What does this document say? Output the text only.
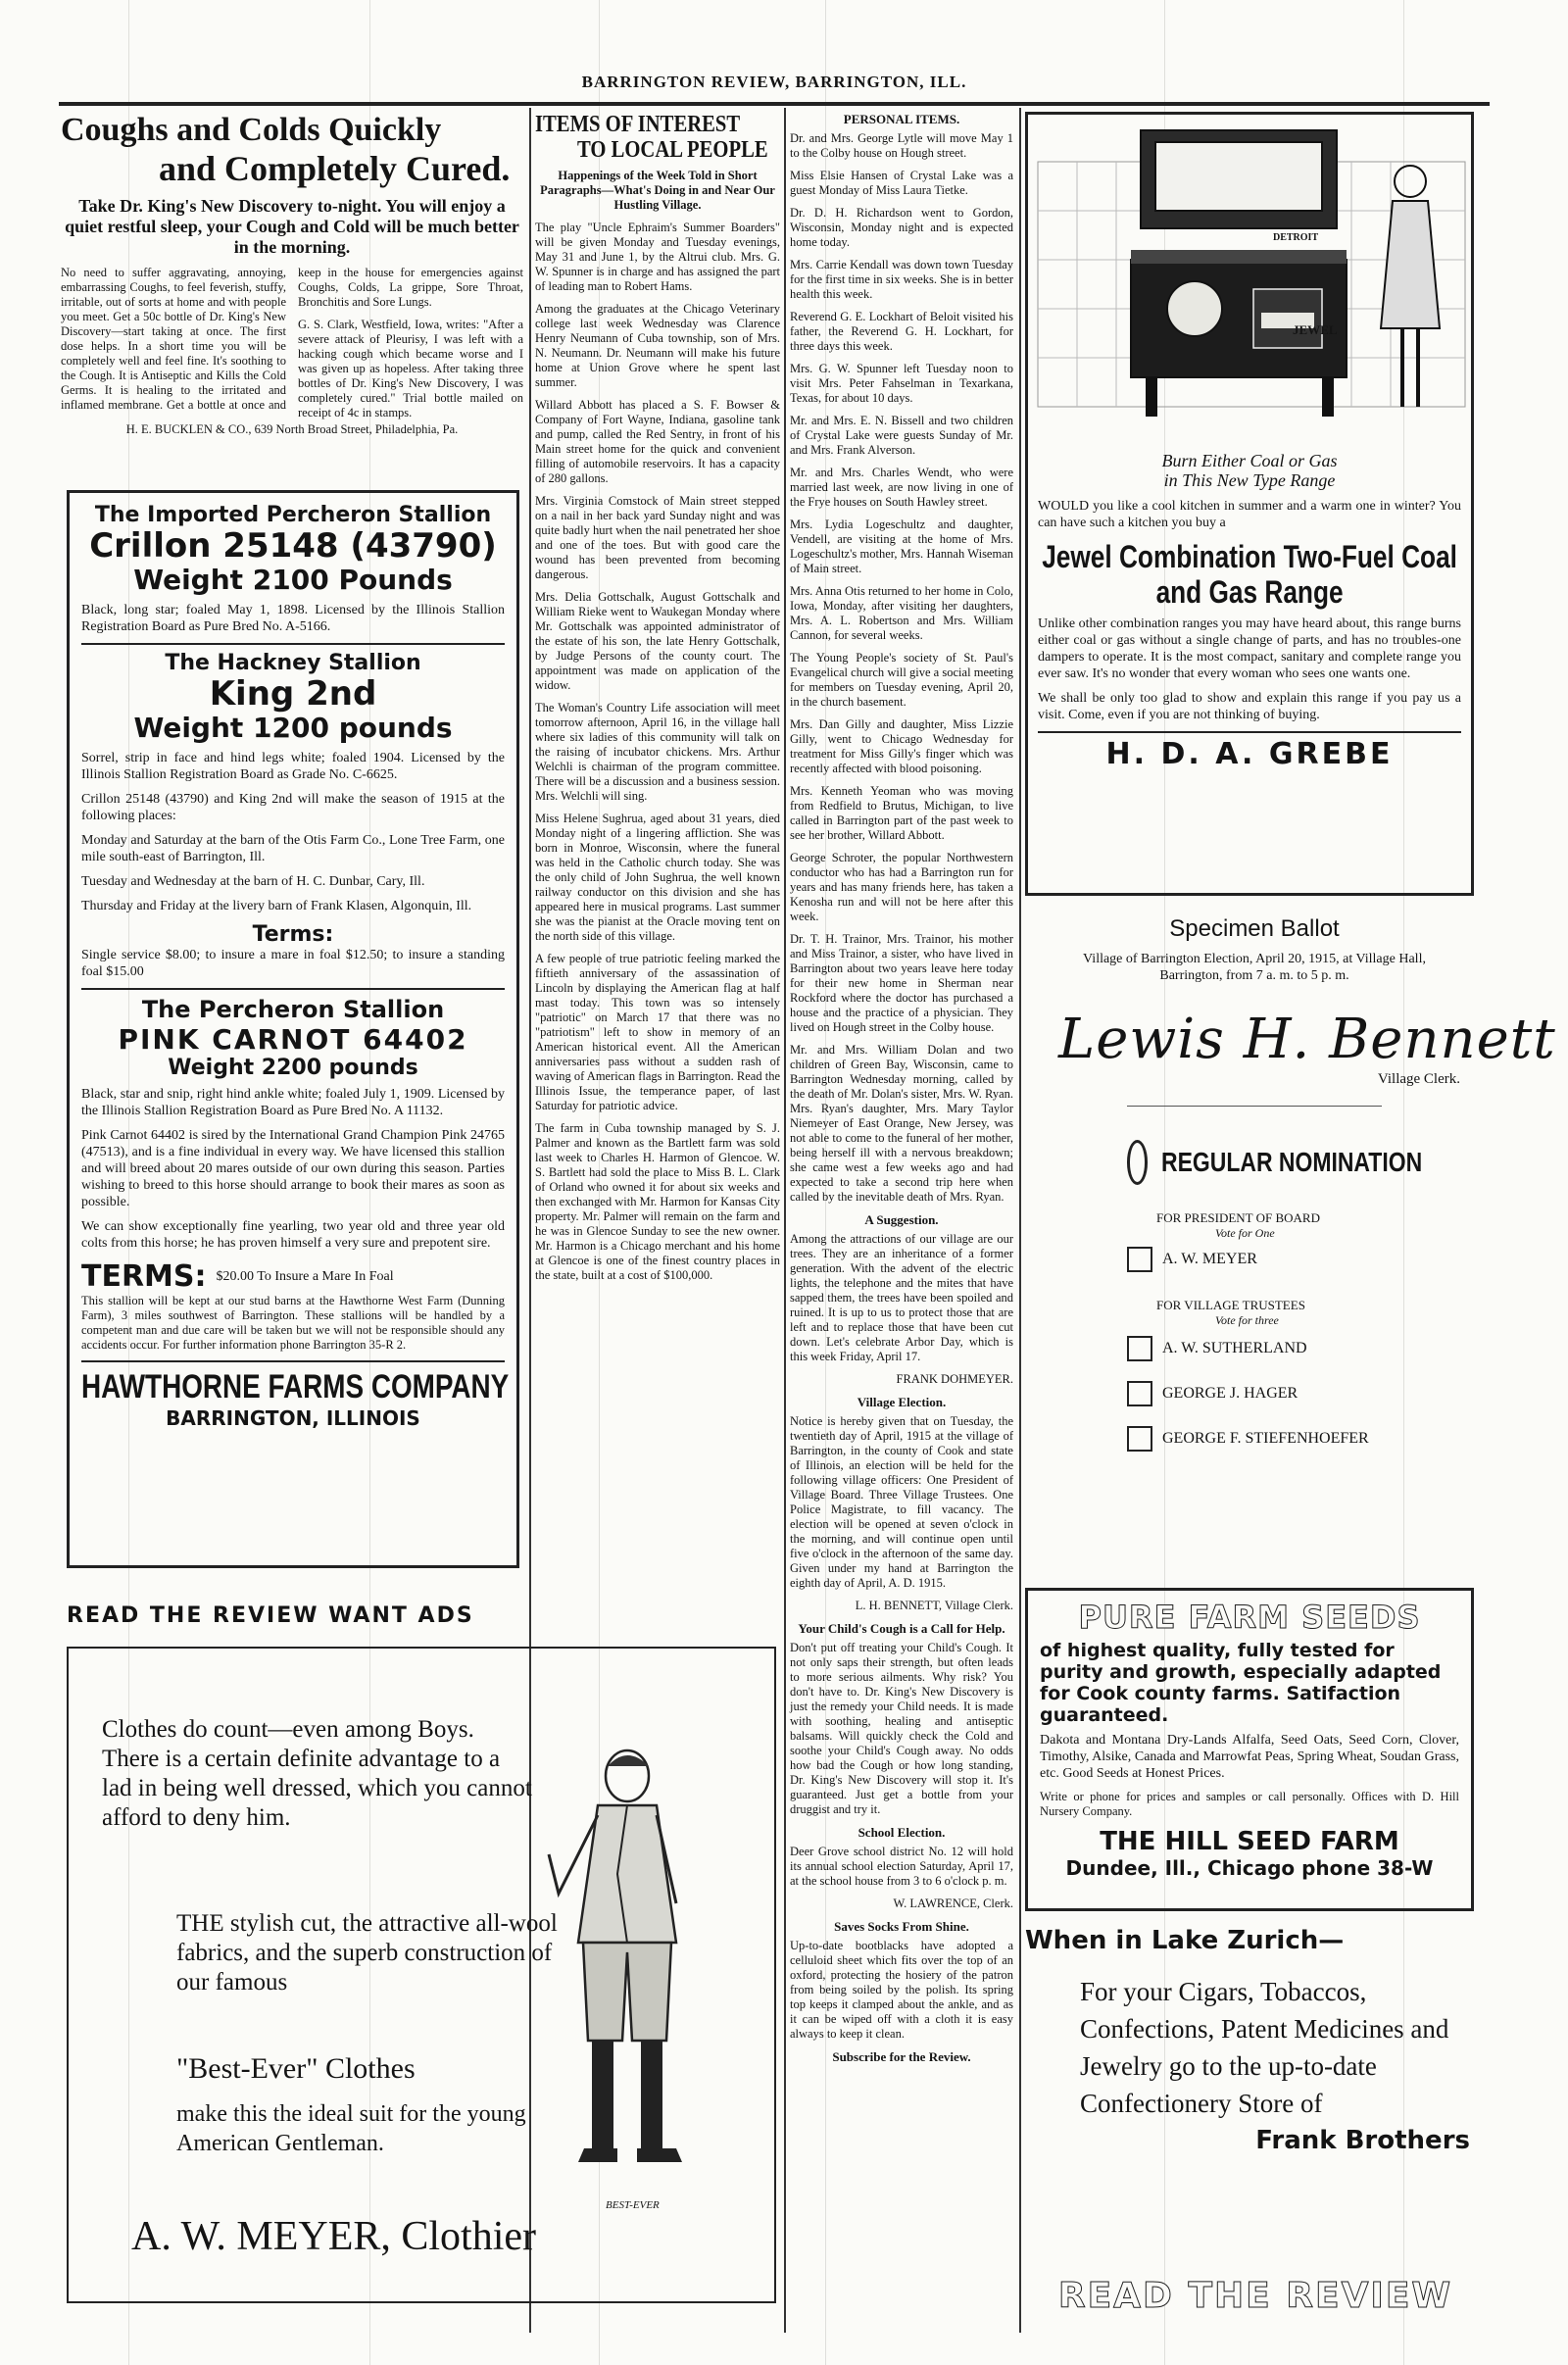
BARRINGTON REVIEW, BARRINGTON, ILL.
Coughs and Colds Quickly
and Completely Cured.
Take Dr. King's New Discovery to-night. You will enjoy a quiet restful sleep, your Cough and Cold will be much better in the morning.

No need to suffer aggravating, annoying, embarrassing Coughs, to feel feverish, stuffy, irritable, out of sorts at home and with people you meet. Get a 50c bottle of Dr. King's New Discovery—start taking at once. The first dose helps. In a short time you will be completely well and feel fine. It's soothing to the Cough. It is Antiseptic and Kills the Cold Germs. It is healing to the irritated and inflamed membrane. Get a bottle at once and keep in the house for emergencies against Coughs, Colds, La grippe, Sore Throat, Bronchitis and Sore Lungs.

G. S. Clark, Westfield, Iowa, writes: "After a severe attack of Pleurisy, I was left with a hacking cough which became worse and I was given up as hopeless. After taking three bottles of Dr. King's New Discovery, I was completely cured." Trial bottle mailed on receipt of 4c in stamps.

H. E. BUCKLEN & CO., 639 North Broad Street, Philadelphia, Pa.
The Imported Percheron Stallion
Crillon 25148 (43790)
Weight 2100 Pounds

Black, long star; foaled May 1, 1898. Licensed by the Illinois Stallion Registration Board as Pure Bred No. A-5166.

The Hackney Stallion
King 2nd
Weight 1200 pounds

Sorrel, strip in face and hind legs white; foaled 1904. Licensed by the Illinois Stallion Registration Board as Grade No. C-6625.

Crillon 25148 (43790) and King 2nd will make the season of 1915 at the following places:

Monday and Saturday at the barn of the Otis Farm Co., Lone Tree Farm, one mile south-east of Barrington, Ill.

Tuesday and Wednesday at the barn of H. C. Dunbar, Cary, Ill.

Thursday and Friday at the livery barn of Frank Klasen, Algonquin, Ill.

Terms:

Single service $8.00; to insure a mare in foal $12.50; to insure a standing foal $15.00

The Percheron Stallion
PINK CARNOT 64402
Weight 2200 pounds

Black, star and snip, right hind ankle white; foaled July 1, 1909. Licensed by the Illinois Stallion Registration Board as Pure Bred No. A 11132.

Pink Carnot 64402 is sired by the International Grand Champion Pink 24765 (47513), and is a fine individual in every way. We have licensed this stallion and will breed about 20 mares outside of our own during this season. Parties wishing to breed to this horse should arrange to book their mares as soon as possible.

We can show exceptionally fine yearling, two year old and three year old colts from this horse; he has proven himself a very sure and prepotent sire.

TERMS: $20.00 To Insure a Mare In Foal

This stallion will be kept at our stud barns at the Hawthorne West Farm (Dunning Farm), 3 miles southwest of Barrington. These stallions will be handled by a competent man and due care will be taken but we will not be responsible should any accidents occur. For further information phone Barrington 35-R 2.

HAWTHORNE FARMS COMPANY
BARRINGTON, ILLINOIS
READ THE REVIEW WANT ADS
Clothes do count—even among Boys. There is a certain definite advantage to a lad in being well dressed, which you cannot afford to deny him.
THE stylish cut, the attractive all-wool fabrics, and the superb construction of our famous
"Best-Ever" Clothes
make this the ideal suit for the young American Gentleman.
BEST-EVER
A. W. MEYER, Clothier
ITEMS OF INTEREST
TO LOCAL PEOPLE
Happenings of the Week Told in Short Paragraphs—What's Doing in and Near Our Hustling Village.

The play "Uncle Ephraim's Summer Boarders" will be given Monday and Tuesday evenings, May 31 and June 1, by the Altrui club. Mrs. G. W. Spunner is in charge and has assigned the part of leading man to Robert Hams.

Among the graduates at the Chicago Veterinary college last week Wednesday was Clarence Henry Neumann of Cuba township, son of Mrs. N. Neumann. Dr. Neumann will make his future home at Union Grove where he spent last summer.

Willard Abbott has placed a S. F. Bowser & Company of Fort Wayne, Indiana, gasoline tank and pump, called the Red Sentry, in front of his Main street home for the quick and convenient filling of automobile reservoirs. It has a capacity of 280 gallons.

Mrs. Virginia Comstock of Main street stepped on a nail in her back yard Sunday night and was quite badly hurt when the nail penetrated her shoe and one of the toes. But with good care the wound has been prevented from becoming dangerous.

Mrs. Delia Gottschalk, August Gottschalk and William Rieke went to Waukegan Monday where Mr. Gottschalk was appointed administrator of the estate of his son, the late Henry Gottschalk, by Judge Persons of the county court. The appointment was made on application of the widow.

The Woman's Country Life association will meet tomorrow afternoon, April 16, in the village hall where six ladies of this community will talk on the raising of incubator chickens. Mrs. Arthur Welchli is chairman of the program committee. There will be a discussion and a business session. Mrs. Welchli will sing.

Miss Helene Sughrua, aged about 31 years, died Monday night of a lingering affliction. She was born in Monroe, Wisconsin, where the funeral was held in the Catholic church today. She was the only child of John Sughrua, the well known railway conductor on this division and she has appeared here in musical programs. Last summer she was the pianist at the Oracle moving tent on the north side of this village.

A few people of true patriotic feeling marked the fiftieth anniversary of the assassination of Lincoln by displaying the American flag at half mast today. This town was so intensely "patriotic" on March 17 that there was no "patriotism" left to show in memory of an American historical event. All the American anniversaries pass without a sudden rash of waving of American flags in Barrington. Read the Illinois Issue, the temperance paper, of last Saturday for patriotic advice.

The farm in Cuba township managed by S. J. Palmer and known as the Bartlett farm was sold last week to Charles H. Harmon of Glencoe. W. S. Bartlett had sold the place to Miss B. L. Clark of Orland who owned it for about six weeks and then exchanged with Mr. Harmon for Kansas City property. Mr. Palmer will remain on the farm and he was in Glencoe Sunday to see the new owner. Mr. Harmon is a Chicago merchant and his home at Glencoe is one of the finest country places in the state, built at a cost of $100,000.

PERSONAL ITEMS.

Dr. and Mrs. George Lytle will move May 1 to the Colby house on Hough street.

Miss Elsie Hansen of Crystal Lake was a guest Monday of Miss Laura Tietke.

Dr. D. H. Richardson went to Gordon, Wisconsin, Monday night and is expected home today.

Mrs. Carrie Kendall was down town Tuesday for the first time in six weeks. She is in better health this week.

Reverend G. E. Lockhart of Beloit visited his father, the Reverend G. H. Lockhart, for three days this week.

Mrs. G. W. Spunner left Tuesday noon to visit Mrs. Peter Fahselman in Texarkana, Texas, for about 10 days.

Mr. and Mrs. E. N. Bissell and two children of Crystal Lake were guests Sunday of Mr. and Mrs. Frank Alverson.

Mr. and Mrs. Charles Wendt, who were married last week, are now living in one of the Frye houses on South Hawley street.

Mrs. Lydia Logeschultz and daughter, Vendell, are visiting at the home of Mrs. Logeschultz's mother, Mrs. Hannah Wiseman of Main street.

Mrs. Anna Otis returned to her home in Colo, Iowa, Monday, after visiting her daughters, Mrs. A. L. Robertson and Mrs. William Cannon, for several weeks.

The Young People's society of St. Paul's Evangelical church will give a social meeting for members on Tuesday evening, April 20, in the church basement.

Mrs. Dan Gilly and daughter, Miss Lizzie Gilly, went to Chicago Wednesday for treatment for Miss Gilly's finger which was recently affected with blood poisoning.

Mrs. Kenneth Yeoman who was moving from Redfield to Brutus, Michigan, to live called in Barrington part of the past week to see her brother, Willard Abbott.

George Schroter, the popular Northwestern conductor who has had a Barrington run for years and has many friends here, has taken a Kenosha run and will not be here after this week.

Dr. T. H. Trainor, Mrs. Trainor, his mother and Miss Trainor, a sister, who have lived in Barrington about two years leave here today for their new home in Sherman near Rockford where the doctor has purchased a house and the practice of a physician. They lived on Hough street in the Colby house.

Mr. and Mrs. William Dolan and two children of Green Bay, Wisconsin, came to Barrington Wednesday morning, called by the death of Mr. Dolan's sister, Mrs. W. Ryan. Mrs. Ryan's daughter, Mrs. Mary Taylor Niemeyer of East Orange, New Jersey, was not able to come to the funeral of her mother, being herself ill with a nervous breakdown; she came west a few weeks ago and had expected to take a second trip here when called by the inevitable death of Mrs. Ryan.

A Suggestion.

Among the attractions of our village are our trees. They are an inheritance of a former generation. With the advent of the electric lights, the telephone and the mites that have sapped them, the trees have been spoiled and ruined. It is up to us to protect those that are left and to replace those that have been cut down. Let's celebrate Arbor Day, which is this week Friday, April 17.

FRANK DOHMEYER.
Village Election.

Notice is hereby given that on Tuesday, the twentieth day of April, 1915 at the village of Barrington, in the county of Cook and state of Illinois, an election will be held for the following village officers: One President of Village Board. Three Village Trustees. One Police Magistrate, to fill vacancy. The election will be opened at seven o'clock in the morning, and will continue open until five o'clock in the afternoon of the same day. Given under my hand at Barrington the eighth day of April, A. D. 1915.

L. H. BENNETT, Village Clerk.
Your Child's Cough is a Call for Help.

Don't put off treating your Child's Cough. It not only saps their strength, but often leads to more serious ailments. Why risk? You don't have to. Dr. King's New Discovery is just the remedy your Child needs. It is made with soothing, healing and antiseptic balsams. Will quickly check the Cold and soothe your Child's Cough away. No odds how bad the Cough or how long standing, Dr. King's New Discovery will stop it. It's guaranteed. Just get a bottle from your druggist and try it.

School Election.

Deer Grove school district No. 12 will hold its annual school election Saturday, April 17, at the school house from 3 to 6 o'clock p. m.

W. LAWRENCE, Clerk.
Saves Socks From Shine.

Up-to-date bootblacks have adopted a celluloid sheet which fits over the top of an oxford, protecting the hosiery of the patron from being soiled by the polish. Its spring top keeps it clamped about the ankle, and as it can be wiped off with a cloth it is easy always to keep it clean.

Subscribe for the Review.
JEWEL
DETROIT
Burn Either Coal or Gas
in This New Type Range

WOULD you like a cool kitchen in summer and a warm one in winter? You can have such a kitchen you buy a

Jewel Combination Two-Fuel Coal
and Gas Range

Unlike other combination ranges you may have heard about, this range burns either coal or gas without a single change of parts, and has no troubles-one dampers to operate. It is the most compact, sanitary and complete range you ever saw. It's no wonder that every woman who sees one wants one.

We shall be only too glad to show and explain this range if you pay us a visit. Come, even if you are not thinking of buying.

H. D. A. GREBE
Specimen Ballot
Village of Barrington Election, April 20, 1915, at Village Hall,
Barrington, from 7 a. m. to 5 p. m.
Lewis H. Bennett
Village Clerk.
REGULAR NOMINATION
FOR PRESIDENT OF BOARD
Vote for One
A. W. MEYER
FOR VILLAGE TRUSTEES
Vote for three
A. W. SUTHERLAND
GEORGE J. HAGER
GEORGE F. STIEFENHOEFER
PURE FARM SEEDS
of highest quality, fully tested for purity and growth, especially adapted for Cook county farms. Satifaction guaranteed.

Dakota and Montana Dry-Lands Alfalfa, Seed Oats, Seed Corn, Clover, Timothy, Alsike, Canada and Marrowfat Peas, Spring Wheat, Soudan Grass, etc. Good Seeds at Honest Prices.

Write or phone for prices and samples or call personally. Offices with D. Hill Nursery Company.

THE HILL SEED FARM
Dundee, Ill., Chicago phone 38-W
When in Lake Zurich—
For your Cigars, Tobaccos, Confections, Patent Medicines and Jewelry go to the up-to-date Confectionery Store of
Frank Brothers
READ THE REVIEW
